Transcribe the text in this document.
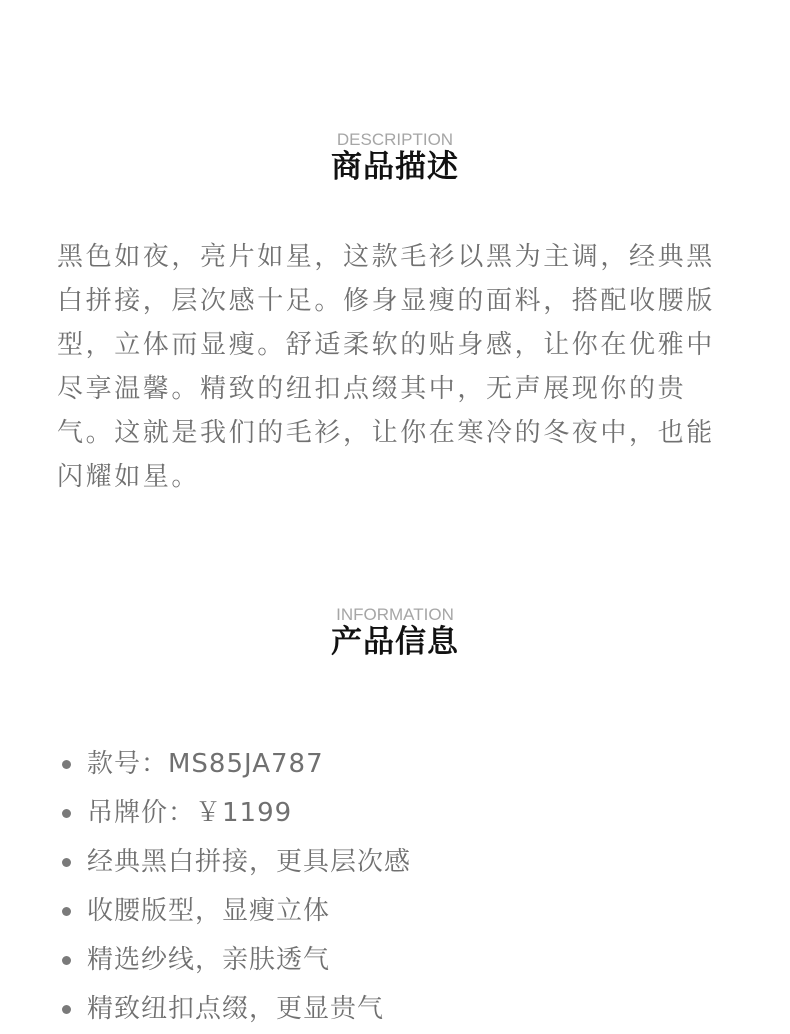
DESCRIPTION
商品描述

黑色如夜，亮片如星，这款毛衫以黑为主调，经典黑白拼接，层次感十足。修身显瘦的面料，搭配收腰版型，立体而显瘦。舒适柔软的贴身感，让你在优雅中尽享温馨。精致的纽扣点缀其中，无声展现你的贵气。这就是我们的毛衫，让你在寒冷的冬夜中，也能闪耀如星。

INFORMATION
产品信息
款号：MS85JA787
吊牌价：￥1199
经典黑白拼接，更具层次感
收腰版型，显瘦立体
精选纱线，亲肤透气
精致纽扣点缀，更显贵气
